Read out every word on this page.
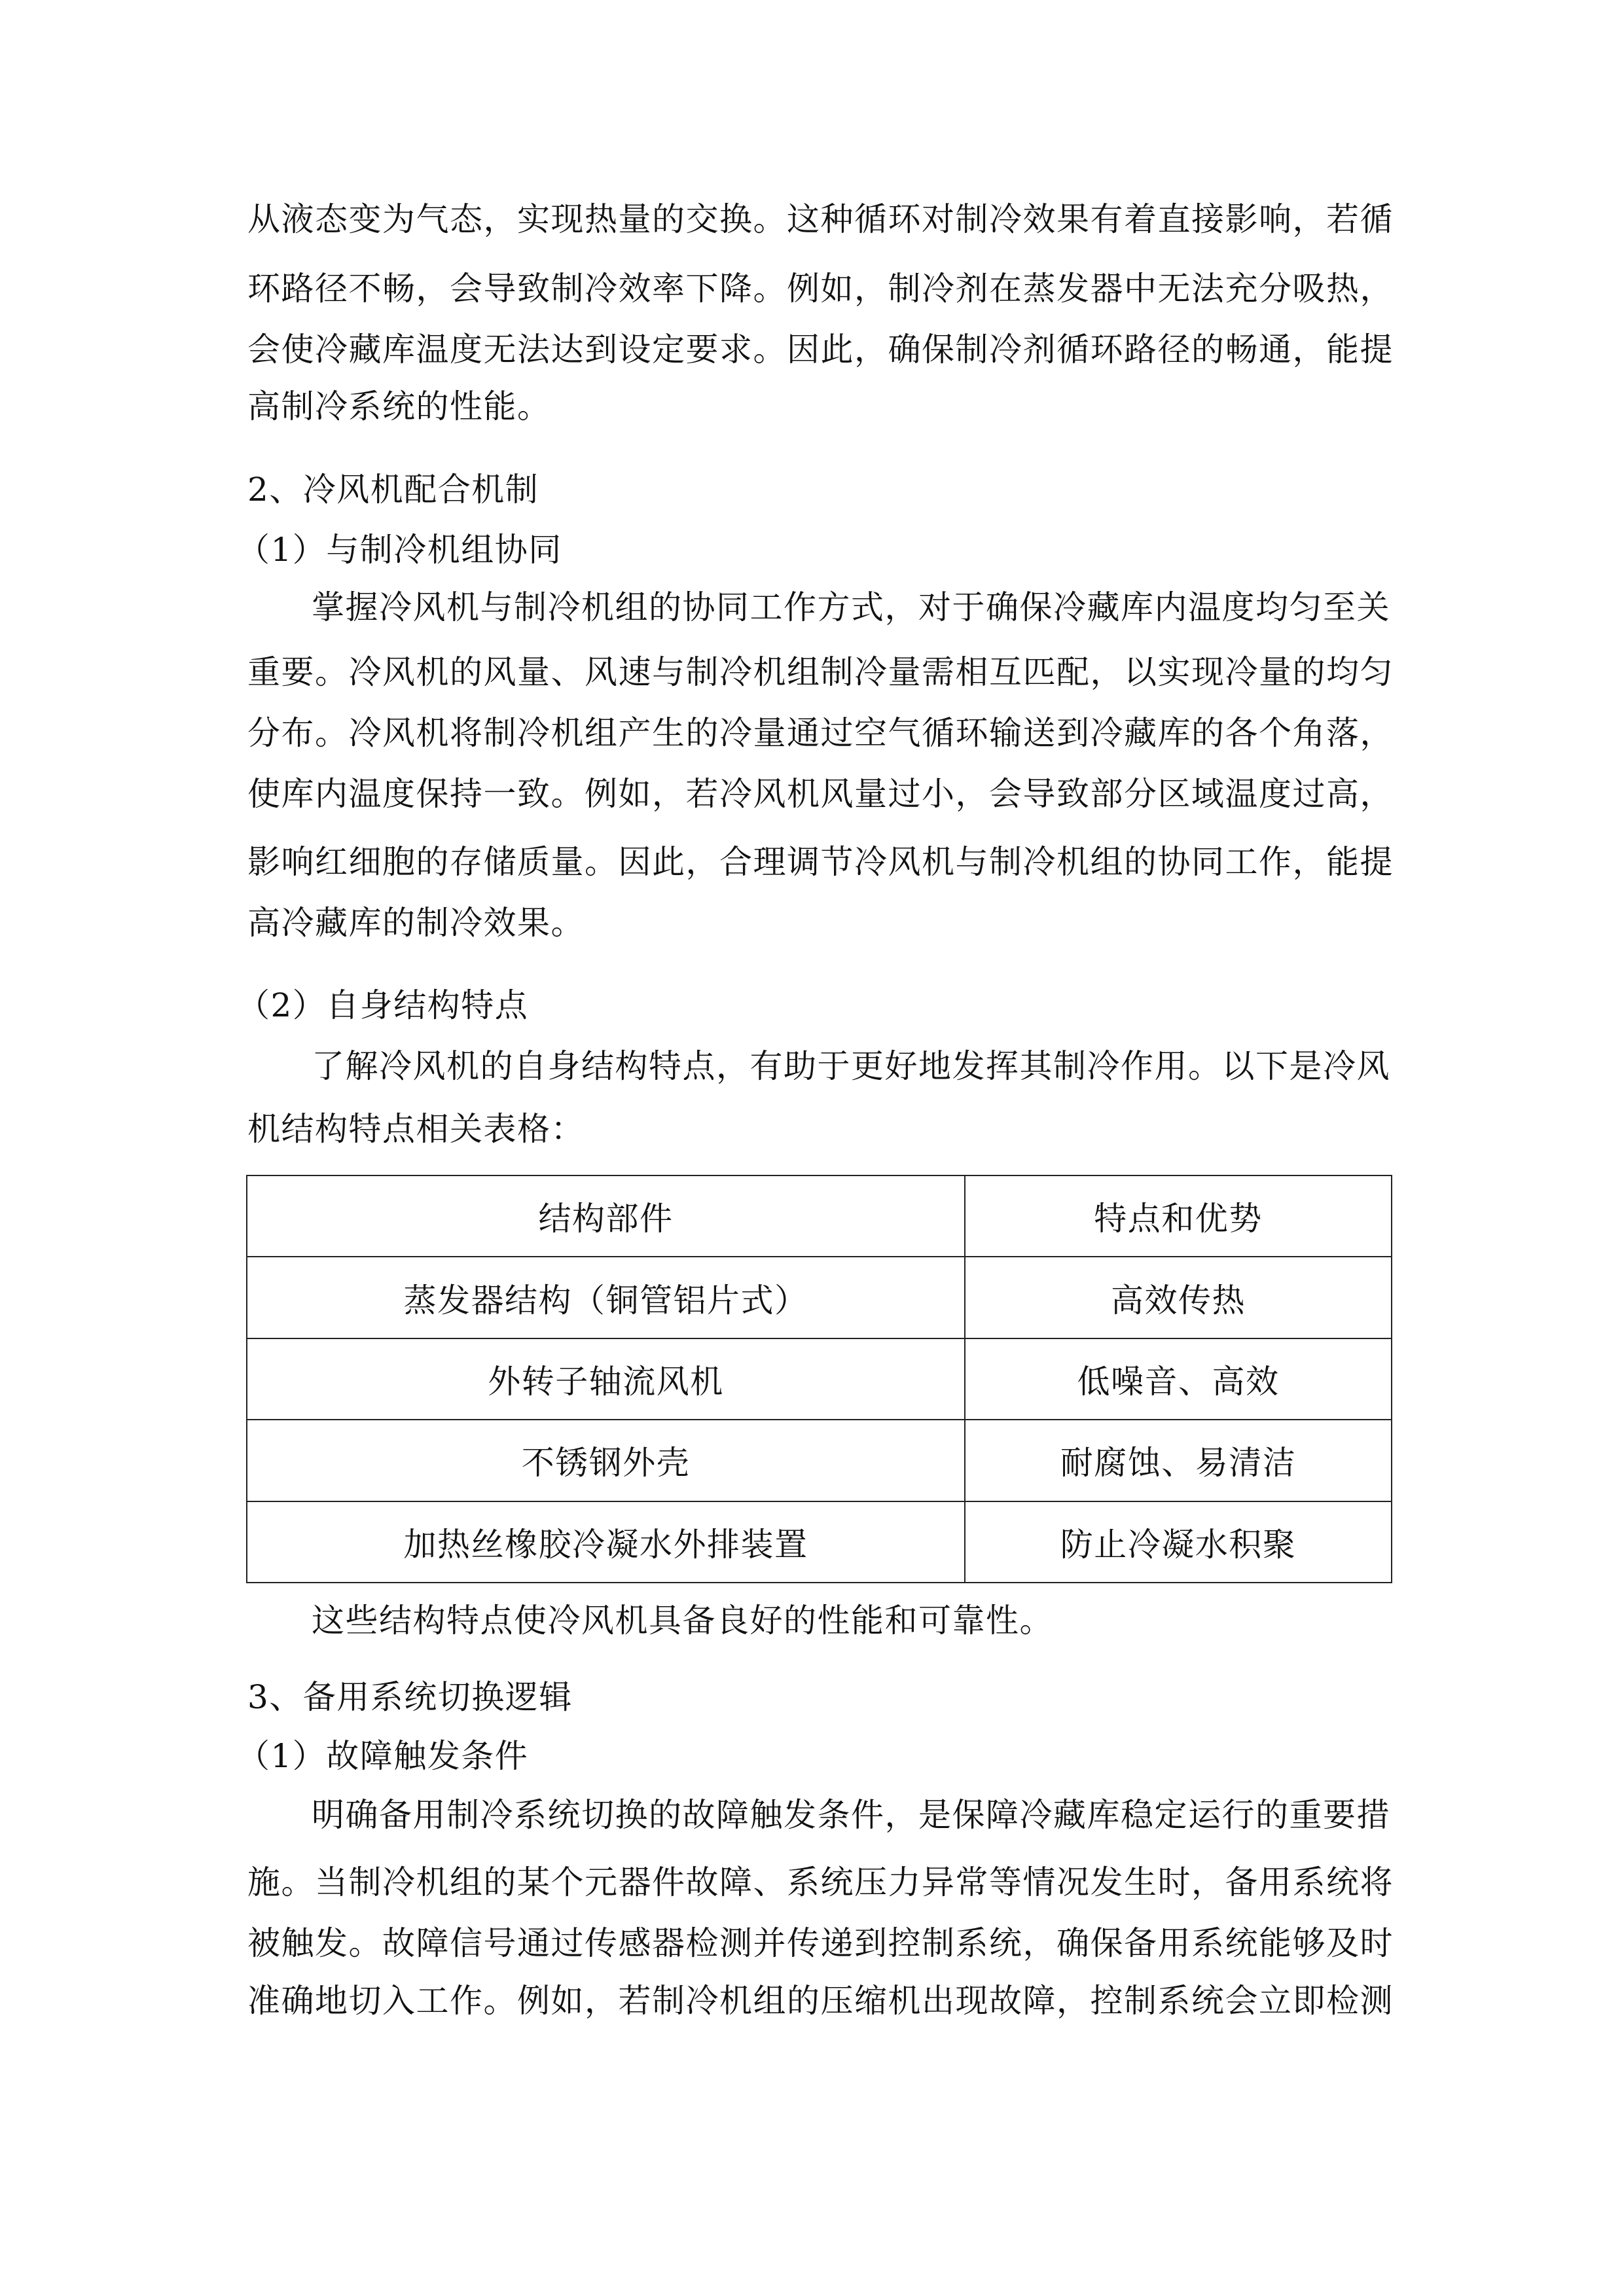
从液态变为气态，实现热量的交换。这种循环对制冷效果有着直接影响，若循
环路径不畅，会导致制冷效率下降。例如，制冷剂在蒸发器中无法充分吸热，
会使冷藏库温度无法达到设定要求。因此，确保制冷剂循环路径的畅通，能提
高制冷系统的性能。
2、冷风机配合机制
（1）与制冷机组协同
掌握冷风机与制冷机组的协同工作方式，对于确保冷藏库内温度均匀至关
重要。冷风机的风量、风速与制冷机组制冷量需相互匹配，以实现冷量的均匀
分布。冷风机将制冷机组产生的冷量通过空气循环输送到冷藏库的各个角落，
使库内温度保持一致。例如，若冷风机风量过小，会导致部分区域温度过高，
影响红细胞的存储质量。因此，合理调节冷风机与制冷机组的协同工作，能提
高冷藏库的制冷效果。
（2）自身结构特点
了解冷风机的自身结构特点，有助于更好地发挥其制冷作用。以下是冷风
机结构特点相关表格：
结构部件	特点和优势
蒸发器结构（铜管铝片式）	高效传热
外转子轴流风机	低噪音、高效
不锈钢外壳	耐腐蚀、易清洁
加热丝橡胶冷凝水外排装置	防止冷凝水积聚
这些结构特点使冷风机具备良好的性能和可靠性。
3、备用系统切换逻辑
（1）故障触发条件
明确备用制冷系统切换的故障触发条件，是保障冷藏库稳定运行的重要措
施。当制冷机组的某个元器件故障、系统压力异常等情况发生时，备用系统将
被触发。故障信号通过传感器检测并传递到控制系统，确保备用系统能够及时
准确地切入工作。例如，若制冷机组的压缩机出现故障，控制系统会立即检测
